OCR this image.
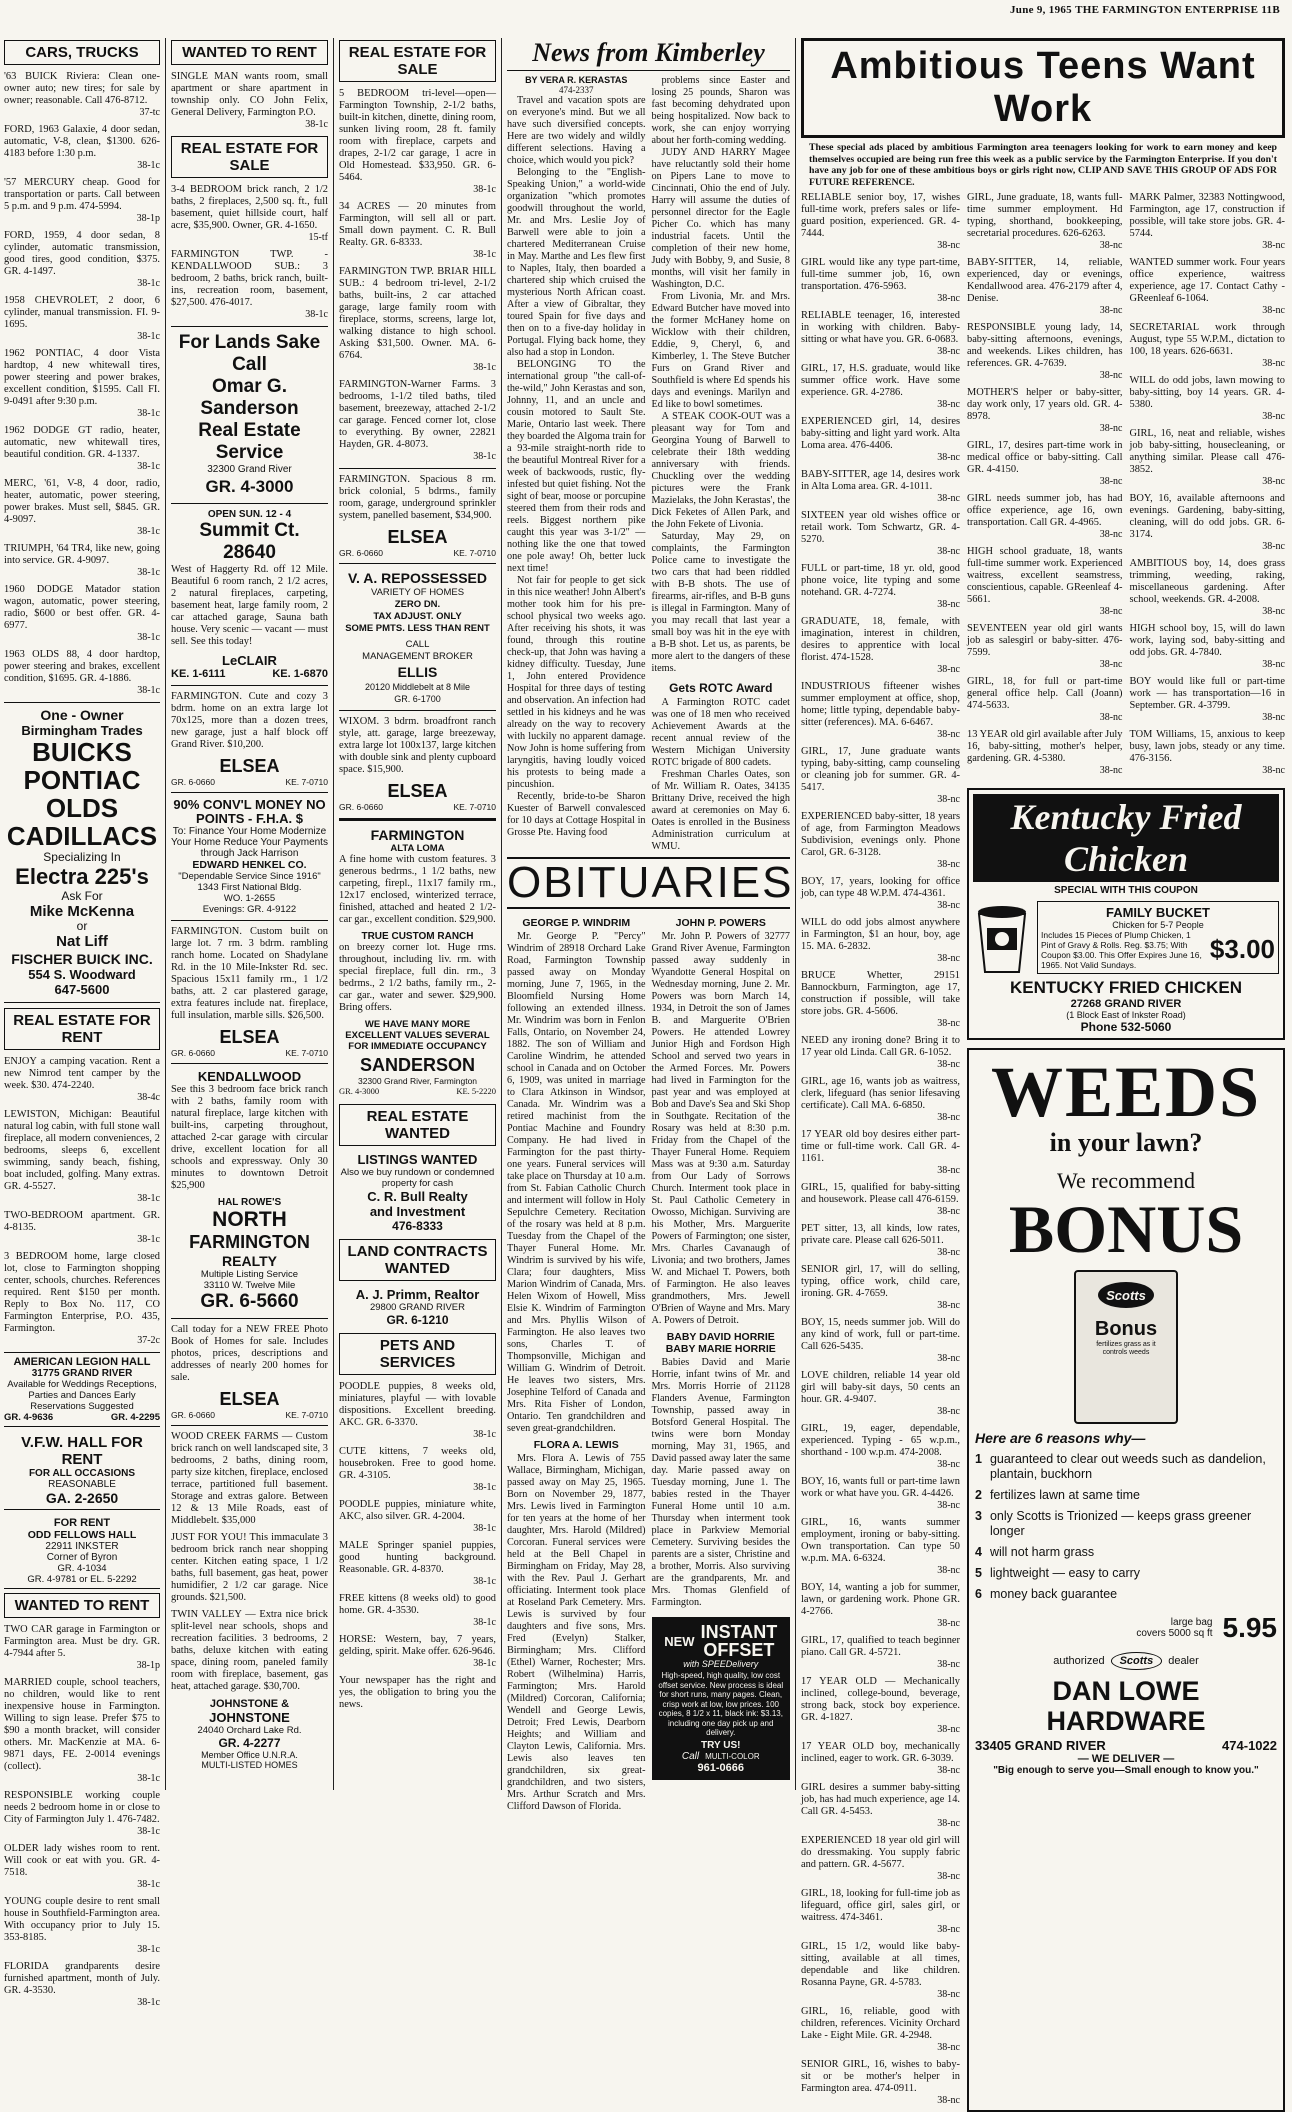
June 9, 1965 THE FARMINGTON ENTERPRISE 11B
CARS, TRUCKS
'63 BUICK Riviera: Clean one-owner auto; new tires; for sale by owner; reasonable. Call 476-8712.
37-tc
FORD, 1963 Galaxie, 4 door sedan, automatic, V-8, clean, $1300. 626-4183 before 1:30 p.m.
38-1c
'57 MERCURY cheap. Good for transportation or parts. Call between 5 p.m. and 9 p.m. 474-5994.
38-1p
FORD, 1959, 4 door sedan, 8 cylinder, automatic transmission, good tires, good condition, $375. GR. 4-1497.
38-1c
1958 CHEVROLET, 2 door, 6 cylinder, manual transmission. FI. 9-1695.
38-1c
1962 PONTIAC, 4 door Vista hardtop, 4 new whitewall tires, power steering and power brakes, excellent condition, $1595. Call FI. 9-0491 after 9:30 p.m.
38-1c
1962 DODGE GT radio, heater, automatic, new whitewall tires, beautiful condition. GR. 4-1337.
38-1c
MERC, '61, V-8, 4 door, radio, heater, automatic, power steering, power brakes. Must sell, $845. GR. 4-9097.
38-1c
TRIUMPH, '64 TR4, like new, going into service. GR. 4-9097.
38-1c
1960 DODGE Matador station wagon, automatic, power steering, radio, $600 or best offer. GR. 4-6977.
38-1c
1963 OLDS 88, 4 door hardtop, power steering and brakes, excellent condition, $1695. GR. 4-1886.
38-1c
One - Owner
Birmingham Trades
BUICKS
PONTIAC
OLDS
CADILLACS
Specializing In
Electra 225's
Ask For
Mike McKenna
or
Nat Liff
FISCHER BUICK INC.
554 S. Woodward
647-5600
REAL ESTATE FOR RENT
ENJOY a camping vacation. Rent a new Nimrod tent camper by the week. $30. 474-2240.
38-4c
LEWISTON, Michigan: Beautiful natural log cabin, with full stone wall fireplace, all modern conveniences, 2 bedrooms, sleeps 6, excellent swimming, sandy beach, fishing, boat included, golfing. Many extras. GR. 4-5527.
38-1c
TWO-BEDROOM apartment. GR. 4-8135.
38-1c
3 BEDROOM home, large closed lot, close to Farmington shopping center, schools, churches. References required. Rent $150 per month. Reply to Box No. 117, CO Farmington Enterprise, P.O. 435, Farmington.
37-2c
AMERICAN LEGION HALL
31775 GRAND RIVER
Available for Weddings Receptions, Parties and Dances Early Reservations Suggested
GR. 4-9636	GR. 4-2295
V.F.W. HALL FOR RENT
FOR ALL OCCASIONS
REASONABLE
GA. 2-2650
FOR RENT
ODD FELLOWS HALL
22911 INKSTER
Corner of Byron
GR. 4-1034
GR. 4-9781 or EL. 5-2292
WANTED TO RENT
TWO CAR garage in Farmington or Farmington area. Must be dry. GR. 4-7944 after 5.
38-1p
MARRIED couple, school teachers, no children, would like to rent inexpensive house in Farmington. Willing to sign lease. Prefer $75 to $90 a month bracket, will consider others. Mr. MacKenzie at MA. 6-9871 days, FE. 2-0014 evenings (collect).
38-1c
RESPONSIBLE working couple needs 2 bedroom home in or close to City of Farmington July 1. 476-7482.
38-1c
OLDER lady wishes room to rent. Will cook or eat with you. GR. 4-7518.
38-1c
YOUNG couple desire to rent small house in Southfield-Farmington area. With occupancy prior to July 15. 353-8185.
38-1c
FLORIDA grandparents desire furnished apartment, month of July. GR. 4-3530.
38-1c
WANTED TO RENT
SINGLE MAN wants room, small apartment or share apartment in township only. CO John Felix, General Delivery, Farmington P.O.
38-1c
REAL ESTATE FOR SALE
3-4 BEDROOM brick ranch, 2 1/2 baths, 2 fireplaces, 2,500 sq. ft., full basement, quiet hillside court, half acre, $35,900. Owner, GR. 4-1650.
15-tf
FARMINGTON TWP. - KENDALLWOOD SUB.: 3 bedroom, 2 baths, brick ranch, built-ins, recreation room, basement, $27,500. 476-4017.
38-1c
For Lands Sake
Call
Omar G.
Sanderson
Real Estate
Service
32300 Grand River
GR. 4-3000
OPEN SUN. 12 - 4
Summit Ct. 28640
West of Haggerty Rd. off 12 Mile. Beautiful 6 room ranch, 2 1/2 acres, 2 natural fireplaces, carpeting, basement heat, large family room, 2 car attached garage, Sauna bath house. Very scenic — vacant — must sell. See this today!
LeCLAIR
KE. 1-6111	KE. 1-6870
FARMINGTON. Cute and cozy 3 bdrm. home on an extra large lot 70x125, more than a dozen trees, new garage, just a half block off Grand River. $10,200.
ELSEA
GR. 6-0660	KE. 7-0710
90% CONV'L MONEY NO POINTS - F.H.A. $
To: Finance Your Home Modernize Your Home Reduce Your Payments through Jack Harrison
EDWARD HENKEL CO.
"Dependable Service Since 1916"
1343 First National Bldg.
WO. 1-2655
Evenings: GR. 4-9122
FARMINGTON. Custom built on large lot. 7 rm. 3 bdrm. rambling ranch home. Located on Shadylane Rd. in the 10 Mile-Inkster Rd. sec. Spacious 15x11 family rm., 1 1/2 baths, att. 2 car plastered garage, extra features include nat. fireplace, full insulation, marble sills. $26,500.
ELSEA
GR. 6-0660	KE. 7-0710
KENDALLWOOD
See this 3 bedroom face brick ranch with 2 baths, family room with natural fireplace, large kitchen with built-ins, carpeting throughout, attached 2-car garage with circular drive, excellent location for all schools and expressway. Only 30 minutes to downtown Detroit $25,900
HAL ROWE'S
NORTH
FARMINGTON
REALTY
Multiple Listing Service
33110 W. Twelve Mile
GR. 6-5660
Call today for a NEW FREE Photo Book of Homes for sale. Includes photos, prices, descriptions and addresses of nearly 200 homes for sale.
ELSEA
GR. 6-0660	KE. 7-0710
WOOD CREEK FARMS — Custom brick ranch on well landscaped site, 3 bedrooms, 2 baths, dining room, party size kitchen, fireplace, enclosed terrace, partitioned full basement. Storage and extras galore. Between 12 & 13 Mile Roads, east of Middlebelt. $35,000
JUST FOR YOU! This immaculate 3 bedroom brick ranch near shopping center. Kitchen eating space, 1 1/2 baths, full basement, gas heat, power humidifier, 2 1/2 car garage. Nice grounds. $21,500.
TWIN VALLEY — Extra nice brick split-level near schools, shops and recreation facilities. 3 bedrooms, 2 baths, deluxe kitchen with eating space, dining room, paneled family room with fireplace, basement, gas heat, attached garage. $30,700.
JOHNSTONE &
JOHNSTONE
24040 Orchard Lake Rd.
GR. 4-2277
Member Office U.N.R.A.
MULTI-LISTED HOMES
REAL ESTATE FOR SALE
5 BEDROOM tri-level—open—Farmington Township, 2-1/2 baths, built-in kitchen, dinette, dining room, sunken living room, 28 ft. family room with fireplace, carpets and drapes, 2-1/2 car garage, 1 acre in Old Homestead. $33,950. GR. 6-5464.
38-1c
34 ACRES — 20 minutes from Farmington, will sell all or part. Small down payment. C. R. Bull Realty. GR. 6-8333.
38-1c
FARMINGTON TWP. BRIAR HILL SUB.: 4 bedroom tri-level, 2-1/2 baths, built-ins, 2 car attached garage, large family room with fireplace, storms, screens, large lot, walking distance to high school. Asking $31,500. Owner. MA. 6-6764.
38-1c
FARMINGTON-Warner Farms. 3 bedrooms, 1-1/2 tiled baths, tiled basement, breezeway, attached 2-1/2 car garage. Fenced corner lot, close to everything. By owner, 22821 Hayden, GR. 4-8073.
38-1c
FARMINGTON. Spacious 8 rm. brick colonial, 5 bdrms., family room, garage, underground sprinkler system, panelled basement, $34,900.
ELSEA
GR. 6-0660	KE. 7-0710
V. A. REPOSSESSED
VARIETY OF HOMES
ZERO DN.
TAX ADJUST. ONLY
SOME PMTS. LESS THAN RENT
CALL
MANAGEMENT BROKER
ELLIS
20120 Middlebelt at 8 Mile
GR. 6-1700
WIXOM. 3 bdrm. broadfront ranch style, att. garage, large breezeway, extra large lot 100x137, large kitchen with double sink and plenty cupboard space. $15,900.
ELSEA
GR. 6-0660	KE. 7-0710
FARMINGTON
ALTA LOMA
A fine home with custom features. 3 generous bedrms., 1 1/2 baths, new carpeting, firepl., 11x17 family rm., 12x17 enclosed, winterized terrace, finished, attached and heated 2 1/2-car gar., excellent condition. $29,900.
TRUE CUSTOM RANCH
on breezy corner lot. Huge rms. throughout, including liv. rm. with special fireplace, full din. rm., 3 bedrms., 2 1/2 baths, family rm., 2-car gar., water and sewer. $29,900. Bring offers.
WE HAVE MANY MORE EXCELLENT VALUES SEVERAL FOR IMMEDIATE OCCUPANCY
SANDERSON
32300 Grand River, Farmington
GR. 4-3000	KE. 5-2220
REAL ESTATE WANTED
LISTINGS WANTED
Also we buy rundown or condemned property for cash
C. R. Bull Realty
and Investment
476-8333
LAND CONTRACTS WANTED
A. J. Primm, Realtor
29800 GRAND RIVER
GR. 6-1210
PETS AND SERVICES
POODLE puppies, 8 weeks old, miniatures, playful — with lovable dispositions. Excellent breeding. AKC. GR. 6-3370.
38-1c
CUTE kittens, 7 weeks old, housebroken. Free to good home. GR. 4-3105.
38-1c
POODLE puppies, miniature white, AKC, also silver. GR. 4-2004.
38-1c
MALE Springer spaniel puppies, good hunting background. Reasonable. GR. 4-8370.
38-1c
FREE kittens (8 weeks old) to good home. GR. 4-3530.
38-1c
HORSE: Western, bay, 7 years, gelding, spirit. Make offer. 626-9646.
38-1c
Your newspaper has the right and yes, the obligation to bring you the news.
News from Kimberley
BY VERA R. KERASTAS
474-2337

Travel and vacation spots are on everyone's mind. But we all have such diversified concepts. Here are two widely and wildly different selections. Having a choice, which would you pick?

Belonging to the "English-Speaking Union," a world-wide organization "which promotes goodwill throughout the world, Mr. and Mrs. Leslie Joy of Barwell were able to join a chartered Mediterranean Cruise in May. Marthe and Les flew first to Naples, Italy, then boarded a chartered ship which cruised the mysterious North African coast. After a view of Gibraltar, they toured Spain for five days and then on to a five-day holiday in Portugal. Flying back home, they also had a stop in London.

BELONGING TO the international group "the call-of-the-wild," John Kerastas and son, Johnny, 11, and an uncle and cousin motored to Sault Ste. Marie, Ontario last week. There they boarded the Algoma train for a 93-mile straight-north ride to the beautiful Montreal River for a week of backwoods, rustic, fly-infested but quiet fishing. Not the sight of bear, moose or porcupine steered them from their rods and reels. Biggest northern pike caught this year was 3-1/2" — nothing like the one that towed one pole away! Oh, better luck next time!

Not fair for people to get sick in this nice weather! John Albert's mother took him for his pre-school physical two weeks ago. After receiving his shots, it was found, through this routine check-up, that John was having a kidney difficulty. Tuesday, June 1, John entered Providence Hospital for three days of testing and observation. An infection had settled in his kidneys and he was already on the way to recovery with luckily no apparent damage. Now John is home suffering from laryngitis, having loudly voiced his protests to being made a pincushion.

Recently, bride-to-be Sharon Kuester of Barwell convalesced for 10 days at Cottage Hospital in Grosse Pte. Having food

problems since Easter and losing 25 pounds, Sharon was fast becoming dehydrated upon being hospitalized. Now back to work, she can enjoy worrying about her forth-coming wedding.

JUDY AND HARRY Magee have reluctantly sold their home on Pipers Lane to move to Cincinnati, Ohio the end of July. Harry will assume the duties of personnel director for the Eagle Picher Co. which has many industrial facets. Until the completion of their new home, Judy with Bobby, 9, and Susie, 8 months, will visit her family in Washington, D.C.

From Livonia, Mr. and Mrs. Edward Butcher have moved into the former McHaney home on Wicklow with their children, Eddie, 9, Cheryl, 6, and Kimberley, 1. The Steve Butcher Furs on Grand River and Southfield is where Ed spends his days and evenings. Marilyn and Ed like to bowl sometimes.

A STEAK COOK-OUT was a pleasant way for Tom and Georgina Young of Barwell to celebrate their 18th wedding anniversary with friends. Chuckling over the wedding pictures were the Frank Mazielaks, the John Kerastas', the Dick Feketes of Allen Park, and the John Fekete of Livonia.

Saturday, May 29, on complaints, the Farmington Police came to investigate the two cars that had been riddled with B-B shots. The use of firearms, air-rifles, and B-B guns is illegal in Farmington. Many of you may recall that last year a small boy was hit in the eye with a B-B shot. Let us, as parents, be more alert to the dangers of these items.

Gets ROTC Award

A Farmington ROTC cadet was one of 18 men who received Achievement Awards at the recent annual review of the Western Michigan University ROTC brigade of 800 cadets.

Freshman Charles Oates, son of Mr. William R. Oates, 34135 Brittany Drive, received the high award at ceremonies on May 6. Oates is enrolled in the Business Administration curriculum at WMU.

OBITUARIES
GEORGE P. WINDRIM

Mr. George P. "Percy" Windrim of 28918 Orchard Lake Road, Farmington Township passed away on Monday morning, June 7, 1965, in the Bloomfield Nursing Home following an extended illness. Mr. Windrim was born in Fenlon Falls, Ontario, on November 24, 1882. The son of William and Caroline Windrim, he attended school in Canada and on October 6, 1909, was united in marriage to Clara Atkinson in Windsor, Canada. Mr. Windrim was a retired machinist from the Pontiac Machine and Foundry Company. He had lived in Farmington for the past thirty-one years. Funeral services will take place on Thursday at 10 a.m. from St. Fabian Catholic Church and interment will follow in Holy Sepulchre Cemetery. Recitation of the rosary was held at 8 p.m. Tuesday from the Chapel of the Thayer Funeral Home. Mr. Windrim is survived by his wife, Clara; four daughters, Miss Marion Windrim of Canada, Mrs. Helen Wixom of Howell, Miss Elsie K. Windrim of Farmington and Mrs. Phyllis Wilson of Farmington. He also leaves two sons, Charles T. of Thompsonville, Michigan and William G. Windrim of Detroit. He leaves two sisters, Mrs. Josephine Telford of Canada and Mrs. Rita Fisher of London, Ontario. Ten grandchildren and seven great-grandchildren.

FLORA A. LEWIS

Mrs. Flora A. Lewis of 755 Wallace, Birmingham, Michigan, passed away on May 25, 1965. Born on November 29, 1877, Mrs. Lewis lived in Farmington for ten years at the home of her daughter, Mrs. Harold (Mildred) Corcoran. Funeral services were held at the Bell Chapel in Birmingham on Friday, May 28, with the Rev. Paul J. Gerhart officiating. Interment took place at Roseland Park Cemetery. Mrs. Lewis is survived by four daughters and five sons, Mrs. Fred (Evelyn) Stalker, Birmingham; Mrs. Clifford (Ethel) Warner, Rochester; Mrs. Robert (Wilhelmina) Harris, Farmington; Mrs. Harold (Mildred) Corcoran, California; Wendell and George Lewis, Detroit; Fred Lewis, Dearborn Heights; and William and Clayton Lewis, California. Mrs. Lewis also leaves ten grandchildren, six great-grandchildren, and two sisters, Mrs. Arthur Scratch and Mrs. Clifford Dawson of Florida.

JOHN P. POWERS

Mr. John P. Powers of 32777 Grand River Avenue, Farmington passed away suddenly in Wyandotte General Hospital on Wednesday morning, June 2. Mr. Powers was born March 14, 1934, in Detroit the son of James B. and Marguerite O'Brien Powers. He attended Lowrey Junior High and Fordson High School and served two years in the Armed Forces. Mr. Powers had lived in Farmington for the past year and was employed at Bob and Dave's Sea and Ski Shop in Southgate. Recitation of the Rosary was held at 8:30 p.m. Friday from the Chapel of the Thayer Funeral Home. Requiem Mass was at 9:30 a.m. Saturday from Our Lady of Sorrows Church. Interment took place in St. Paul Catholic Cemetery in Owosso, Michigan. Surviving are his Mother, Mrs. Marguerite Powers of Farmington; one sister, Mrs. Charles Cavanaugh of Livonia; and two brothers, James W. and Michael T. Powers, both of Farmington. He also leaves grandmothers, Mrs. Jewell O'Brien of Wayne and Mrs. Mary A. Powers of Detroit.

BABY DAVID HORRIE
BABY MARIE HORRIE

Babies David and Marie Horrie, infant twins of Mr. and Mrs. Morris Horrie of 21128 Flanders Avenue, Farmington Township, passed away in Botsford General Hospital. The twins were born Monday morning, May 31, 1965, and David passed away later the same day. Marie passed away on Tuesday morning, June 1. The babies rested in the Thayer Funeral Home until 10 a.m. Thursday when interment took place in Parkview Memorial Cemetery. Surviving besides the parents are a sister, Christine and a brother, Morris. Also surviving are the grandparents, Mr. and Mrs. Thomas Glenfield of Farmington.

NEW INSTANT
OFFSET
with SPEEDelivery
High-speed, high quality, low cost offset service. New process is ideal for short runs, many pages. Clean, crisp work at low, low prices. 100 copies, 8 1/2 x 11, black ink: $3.13, including one day pick up and delivery.
TRY US!
Call MULTI-COLOR
961-0666
Ambitious Teens Want Work
These special ads placed by ambitious Farmington area teenagers looking for work to earn money and keep themselves occupied are being run free this week as a public service by the Farmington Enterprise. If you don't have any job for one of these ambitious boys or girls right now, CLIP AND SAVE THIS GROUP OF ADS FOR FUTURE REFERENCE.
RELIABLE senior boy, 17, wishes full-time work, prefers sales or life-guard position, experienced. GR. 4-7444.
38-nc
GIRL would like any type part-time, full-time summer job, 16, own transportation. 476-5963.
38-nc
RELIABLE teenager, 16, interested in working with children. Baby-sitting or what have you. GR. 6-0683.
38-nc
GIRL, 17, H.S. graduate, would like summer office work. Have some experience. GR. 4-2786.
38-nc
EXPERIENCED girl, 14, desires baby-sitting and light yard work. Alta Loma area. 476-4406.
38-nc
BABY-SITTER, age 14, desires work in Alta Loma area. GR. 4-1011.
38-nc
SIXTEEN year old wishes office or retail work. Tom Schwartz, GR. 4-5270.
38-nc
FULL or part-time, 18 yr. old, good phone voice, lite typing and some notehand. GR. 4-7274.
38-nc
GRADUATE, 18, female, with imagination, interest in children, desires to apprentice with local florist. 474-1528.
38-nc
INDUSTRIOUS fifteener wishes summer employment at office, shop, home; little typing, dependable baby-sitter (references). MA. 6-6467.
38-nc
GIRL, 17, June graduate wants typing, baby-sitting, camp counseling or cleaning job for summer. GR. 4-5417.
38-nc
EXPERIENCED baby-sitter, 18 years of age, from Farmington Meadows Subdivision, evenings only. Phone Carol, GR. 6-3128.
38-nc
BOY, 17, years, looking for office job, can type 48 W.P.M. 474-4361.
38-nc
WILL do odd jobs almost anywhere in Farmington, $1 an hour, boy, age 15. MA. 6-2832.
38-nc
BRUCE Whetter, 29151 Bannockburn, Farmington, age 17, construction if possible, will take store jobs. GR. 4-5606.
38-nc
NEED any ironing done? Bring it to 17 year old Linda. Call GR. 6-1052.
38-nc
GIRL, age 16, wants job as waitress, clerk, lifeguard (has senior lifesaving certificate). Call MA. 6-6850.
38-nc
17 YEAR old boy desires either part-time or full-time work. Call GR. 4-1161.
38-nc
GIRL, 15, qualified for baby-sitting and housework. Please call 476-6159.
38-nc
PET sitter, 13, all kinds, low rates, private care. Please call 626-5011.
38-nc
SENIOR girl, 17, will do selling, typing, office work, child care, ironing. GR. 4-7659.
38-nc
BOY, 15, needs summer job. Will do any kind of work, full or part-time. Call 626-5435.
38-nc
LOVE children, reliable 14 year old girl will baby-sit days, 50 cents an hour. GR. 4-9407.
38-nc
GIRL, 19, eager, dependable, experienced. Typing - 65 w.p.m., shorthand - 100 w.p.m. 474-2008.
38-nc
BOY, 16, wants full or part-time lawn work or what have you. GR. 4-4426.
38-nc
GIRL, 16, wants summer employment, ironing or baby-sitting. Own transportation. Can type 50 w.p.m. MA. 6-6324.
38-nc
BOY, 14, wanting a job for summer, lawn, or gardening work. Phone GR. 4-2766.
38-nc
GIRL, 17, qualified to teach beginner piano. Call GR. 4-5721.
38-nc
17 YEAR OLD — Mechanically inclined, college-bound, beverage, strong back, stock boy experience. GR. 4-1827.
38-nc
17 YEAR OLD boy, mechanically inclined, eager to work. GR. 6-3039.
38-nc
GIRL desires a summer baby-sitting job, has had much experience, age 14. Call GR. 4-5453.
38-nc
EXPERIENCED 18 year old girl will do dressmaking. You supply fabric and pattern. GR. 4-5677.
38-nc
GIRL, 18, looking for full-time job as lifeguard, office girl, sales girl, or waitress. 474-3461.
38-nc
GIRL, 15 1/2, would like baby-sitting, available at all times, dependable and like children. Rosanna Payne, GR. 4-5783.
38-nc
GIRL, 16, reliable, good with children, references. Vicinity Orchard Lake - Eight Mile. GR. 4-2948.
38-nc
SENIOR GIRL, 16, wishes to baby-sit or be mother's helper in Farmington area. 474-0911.
38-nc
GIRL, June graduate, 18, wants full-time summer employment. Hd typing, shorthand, bookkeeping, secretarial procedures. 626-6263.
38-nc
BABY-SITTER, 14, reliable, experienced, day or evenings, Kendallwood area. 476-2179 after 4, Denise.
38-nc
RESPONSIBLE young lady, 14, baby-sitting afternoons, evenings, and weekends. Likes children, has references. GR. 4-7639.
38-nc
MOTHER'S helper or baby-sitter, day work only, 17 years old. GR. 4-8978.
38-nc
GIRL, 17, desires part-time work in medical office or baby-sitting. Call GR. 4-4150.
38-nc
GIRL needs summer job, has had office experience, age 16, own transportation. Call GR. 4-4965.
38-nc
HIGH school graduate, 18, wants full-time summer work. Experienced waitress, excellent seamstress, conscientious, capable. GReenleaf 4-5661.
38-nc
SEVENTEEN year old girl wants job as salesgirl or baby-sitter. 476-7599.
38-nc
GIRL, 18, for full or part-time general office help. Call (Joann) 474-5633.
38-nc
13 YEAR old girl available after July 16, baby-sitting, mother's helper, gardening. GR. 4-5380.
38-nc
MARK Palmer, 32383 Nottingwood, Farmington, age 17, construction if possible, will take store jobs. GR. 4-5744.
38-nc
WANTED summer work. Four years office experience, waitress experience, age 17. Contact Cathy - GReenleaf 6-1064.
38-nc
SECRETARIAL work through August, type 55 W.P.M., dictation to 100, 18 years. 626-6631.
38-nc
WILL do odd jobs, lawn mowing to baby-sitting, boy 14 years. GR. 4-5380.
38-nc
GIRL, 16, neat and reliable, wishes job baby-sitting, housecleaning, or anything similar. Please call 476-3852.
38-nc
BOY, 16, available afternoons and evenings. Gardening, baby-sitting, cleaning, will do odd jobs. GR. 6-3174.
38-nc
AMBITIOUS boy, 14, does grass trimming, weeding, raking, miscellaneous gardening. After school, weekends. GR. 4-2008.
38-nc
HIGH school boy, 15, will do lawn work, laying sod, baby-sitting and odd jobs. GR. 4-7840.
38-nc
BOY would like full or part-time work — has transportation—16 in September. GR. 4-3799.
38-nc
TOM Williams, 15, anxious to keep busy, lawn jobs, steady or any time. 476-3156.
38-nc
Kentucky Fried Chicken
SPECIAL WITH THIS COUPON
FAMILY BUCKET
Chicken for 5-7 People
Includes 15 Pieces of Plump Chicken, 1 Pint of Gravy & Rolls. Reg. $3.75; With Coupon $3.00. This Offer Expires June 16, 1965. Not Valid Sundays.
$3.00
KENTUCKY FRIED CHICKEN
27268 GRAND RIVER
(1 Block East of Inkster Road)
Phone 532-5060
WEEDS
in your lawn?
We recommend
BONUS
Scotts
Bonus
fertilizes grass as it controls weeds
Here are 6 reasons why—
1 guaranteed to clear out weeds such as dandelion, plantain, buckhorn
2 fertilizes lawn at same time
3 only Scotts is Trionized — keeps grass greener longer
4 will not harm grass
5 lightweight — easy to carry
6 money back guarantee
large bag
covers 5000 sq ft 5.95
authorized	Scotts	dealer
DAN LOWE HARDWARE
33405 GRAND RIVER	474-1022
— WE DELIVER —
"Big enough to serve you—Small enough to know you."
